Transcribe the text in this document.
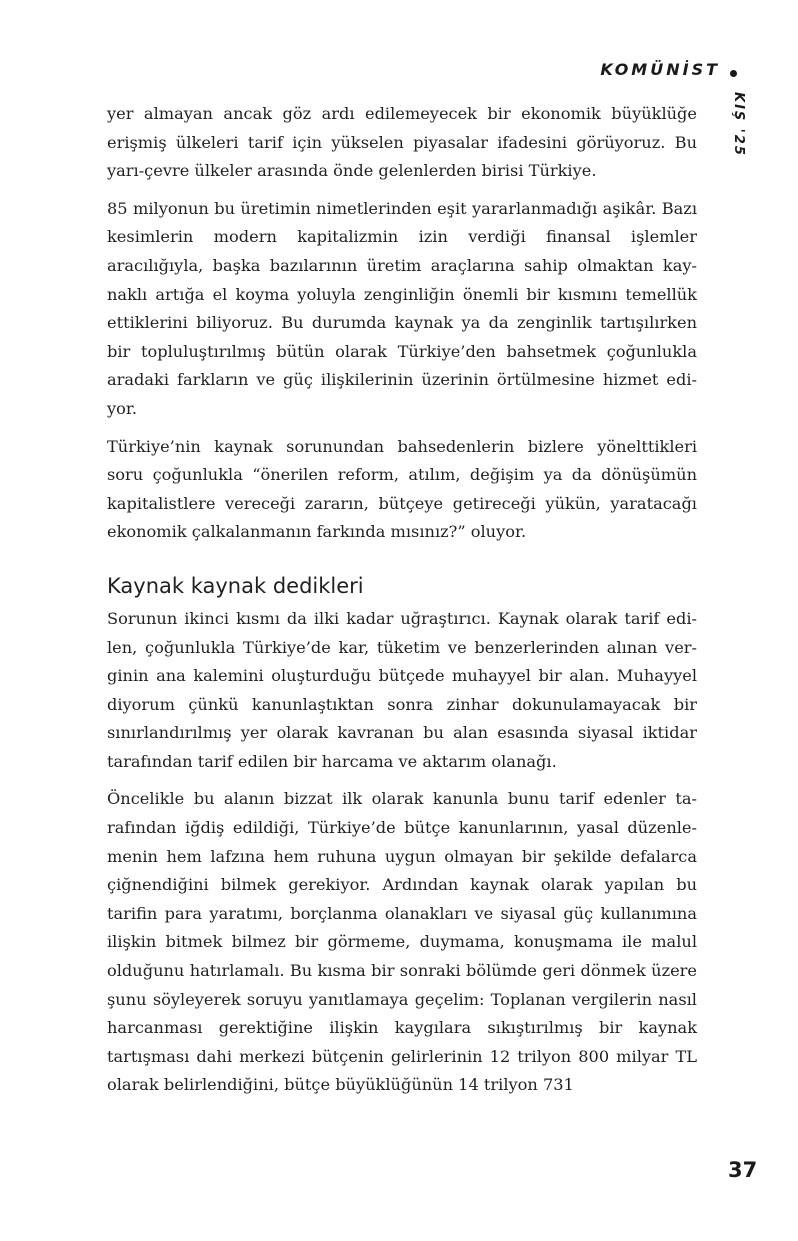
KOMÜNİST
KIŞ '25

yer almayan ancak göz ardı edilemeyecek bir ekonomik büyüklüğe erişmiş ülkeleri tarif için yükselen piyasalar ifadesini görüyoruz. Bu yarı-çevre ülkeler arasında önde gelenlerden birisi Türkiye.

85 milyonun bu üretimin nimetlerinden eşit yararlanmadığı aşikâr. Bazı kesimlerin modern kapitalizmin izin verdiği finansal işlemler aracılığıyla, başka bazılarının üretim araçlarına sahip olmaktan kaynaklı artığa el koyma yoluyla zenginliğin önemli bir kısmını temellük ettiklerini biliyoruz. Bu durumda kaynak ya da zenginlik tartışılırken bir topluluştırılmış bütün olarak Türkiye’den bahsetmek çoğunlukla aradaki farkların ve güç ilişkilerinin üzerinin örtülmesine hizmet ediyor.

Türkiye’nin kaynak sorunundan bahsedenlerin bizlere yönelttikleri soru çoğunlukla “önerilen reform, atılım, değişim ya da dönüşümün kapitalistlere vereceği zararın, bütçeye getireceği yükün, yaratacağı ekonomik çalkalanmanın farkında mısınız?” oluyor.

Kaynak kaynak dedikleri

Sorunun ikinci kısmı da ilki kadar uğraştırıcı. Kaynak olarak tarif edilen, çoğunlukla Türkiye’de kar, tüketim ve benzerlerinden alınan verginin ana kalemini oluşturduğu bütçede muhayyel bir alan. Muhayyel diyorum çünkü kanunlaştıktan sonra zinhar dokunulamayacak bir sınırlandırılmış yer olarak kavranan bu alan esasında siyasal iktidar tarafından tarif edilen bir harcama ve aktarım olanağı.

Öncelikle bu alanın bizzat ilk olarak kanunla bunu tarif edenler tarafından iğdiş edildiği, Türkiye’de bütçe kanunlarının, yasal düzenlemenin hem lafzına hem ruhuna uygun olmayan bir şekilde defalarca çiğnendiğini bilmek gerekiyor. Ardından kaynak olarak yapılan bu tarifin para yaratımı, borçlanma olanakları ve siyasal güç kullanımına ilişkin bitmek bilmez bir görmeme, duymama, konuşmama ile malul olduğunu hatırlamalı. Bu kısma bir sonraki bölümde geri dönmek üzere şunu söyleyerek soruyu yanıtlamaya geçelim: Toplanan vergilerin nasıl harcanması gerektiğine ilişkin kaygılara sıkıştırılmış bir kaynak tartışması dahi merkezi bütçenin gelirlerinin 12 trilyon 800 milyar TL olarak belirlendiğini, bütçe büyüklüğünün 14 trilyon 731

37
